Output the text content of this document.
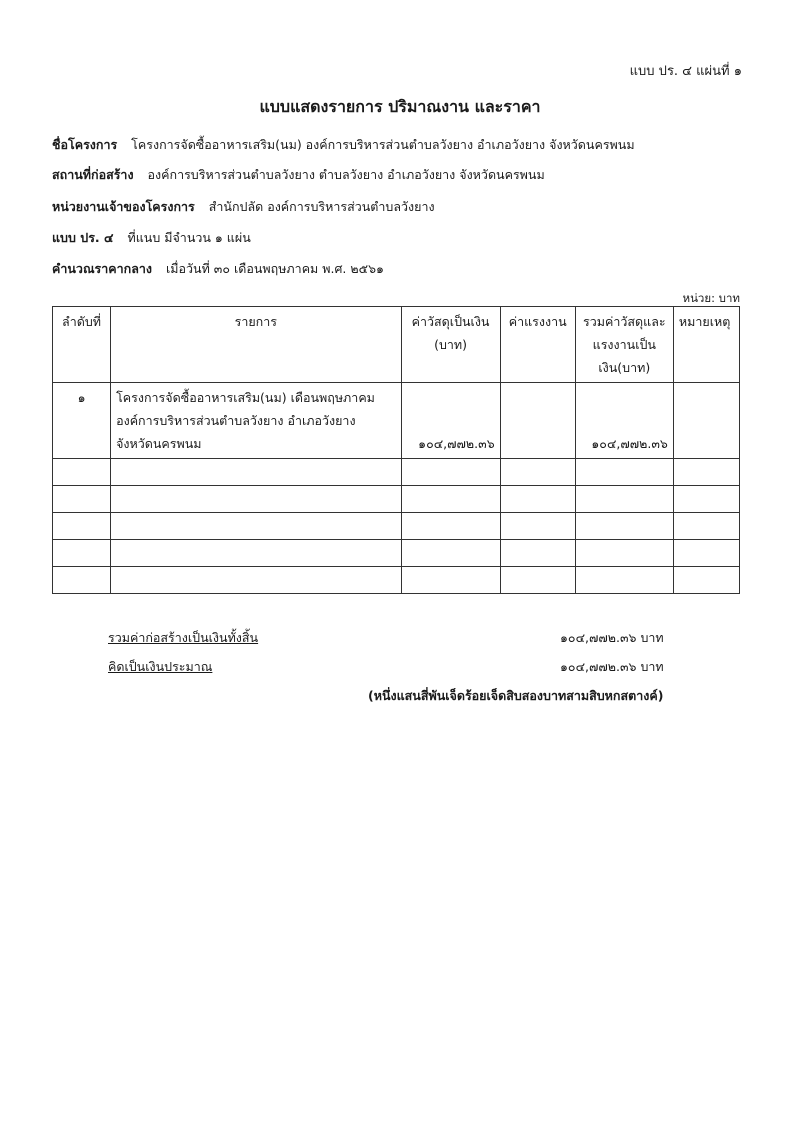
แบบ ปร. ๔ แผ่นที่ ๑
แบบแสดงรายการ ปริมาณงาน และราคา
ชื่อโครงการ โครงการจัดซื้ออาหารเสริม(นม) องค์การบริหารส่วนตำบลวังยาง อำเภอวังยาง จังหวัดนครพนม
สถานที่ก่อสร้าง องค์การบริหารส่วนตำบลวังยาง ตำบลวังยาง อำเภอวังยาง จังหวัดนครพนม
หน่วยงานเจ้าของโครงการ สำนักปลัด องค์การบริหารส่วนตำบลวังยาง
แบบ ปร. ๔ ที่แนบ มีจำนวน ๑ แผ่น
คำนวณราคากลาง เมื่อวันที่ ๓๐ เดือนพฤษภาคม พ.ศ. ๒๕๖๑
หน่วย: บาท
ลำดับที่	รายการ	ค่าวัสดุเป็นเงิน (บาท)	ค่าแรงงาน	รวมค่าวัสดุและแรงงานเป็นเงิน(บาท)	หมายเหตุ
๑	โครงการจัดซื้ออาหารเสริม(นม) เดือนพฤษภาคม องค์การบริหารส่วนตำบลวังยาง อำเภอวังยาง จังหวัดนครพนม	๑๐๔,๗๗๒.๓๖		๑๐๔,๗๗๒.๓๖	

รวมค่าก่อสร้างเป็นเงินทั้งสิ้น	๑๐๔,๗๗๒.๓๖ บาท
คิดเป็นเงินประมาณ	๑๐๔,๗๗๒.๓๖ บาท
(หนึ่งแสนสี่พันเจ็ดร้อยเจ็ดสิบสองบาทสามสิบหกสตางค์)
